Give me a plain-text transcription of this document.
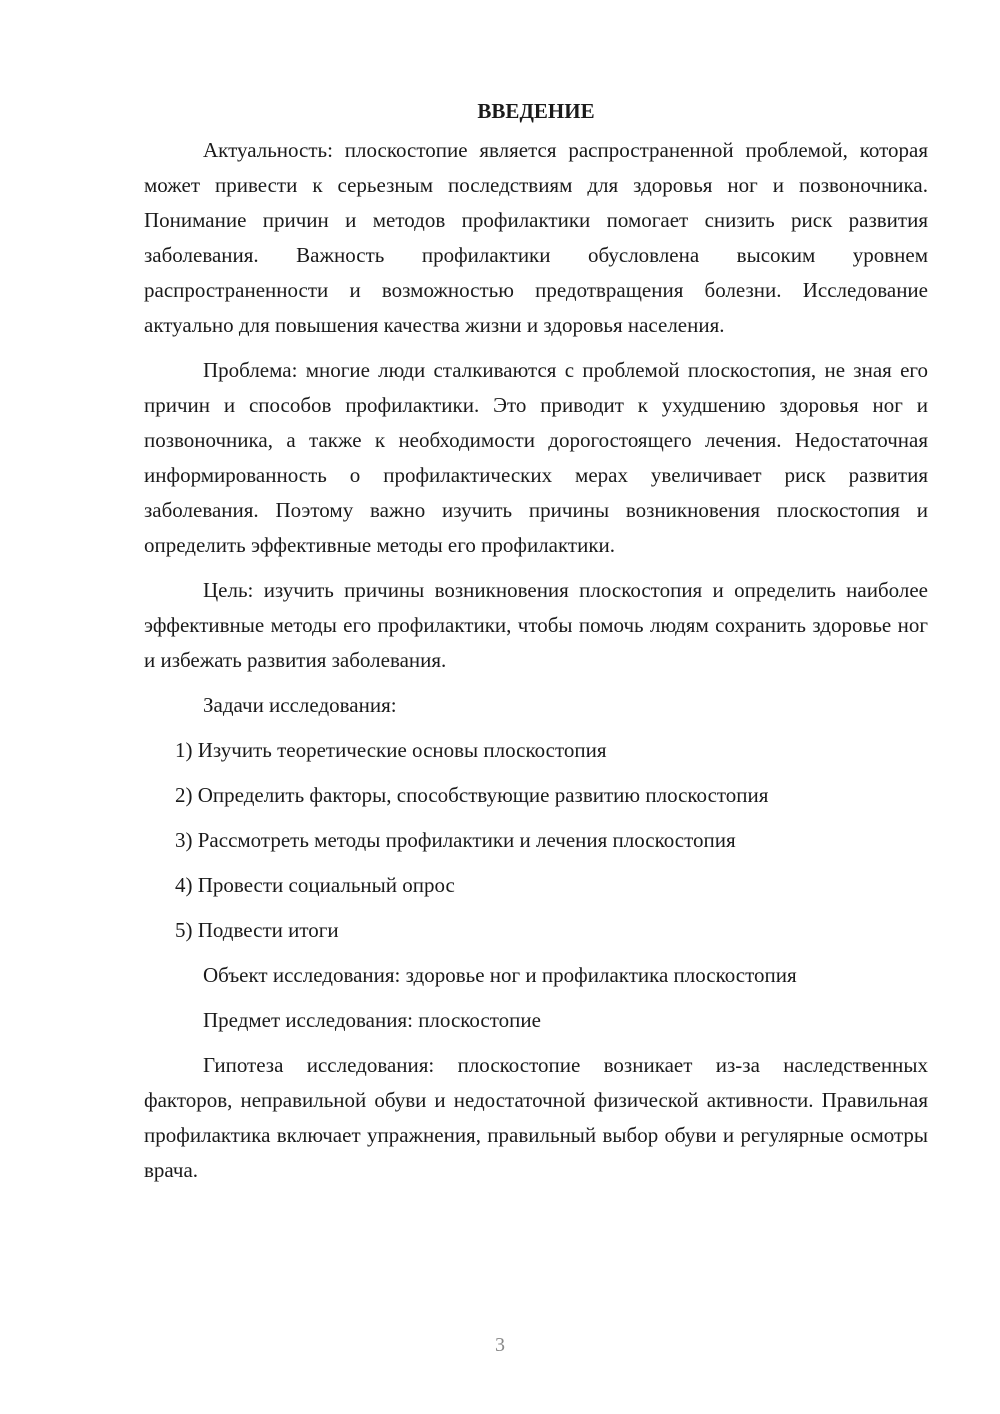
ВВЕДЕНИЕ

Актуальность: плоскостопие является распространенной проблемой, которая может привести к серьезным последствиям для здоровья ног и позвоночника. Понимание причин и методов профилактики помогает снизить риск развития заболевания. Важность профилактики обусловлена высоким уровнем распространенности и возможностью предотвращения болезни. Исследование актуально для повышения качества жизни и здоровья населения.

Проблема: многие люди сталкиваются с проблемой плоскостопия, не зная его причин и способов профилактики. Это приводит к ухудшению здоровья ног и позвоночника, а также к необходимости дорогостоящего лечения. Недостаточная информированность о профилактических мерах увеличивает риск развития заболевания. Поэтому важно изучить причины возникновения плоскостопия и определить эффективные методы его профилактики.

Цель: изучить причины возникновения плоскостопия и определить наиболее эффективные методы его профилактики, чтобы помочь людям сохранить здоровье ног и избежать развития заболевания.

Задачи исследования:

1) Изучить теоретические основы плоскостопия
2) Определить факторы, способствующие развитию плоскостопия
3) Рассмотреть методы профилактики и лечения плоскостопия
4) Провести социальный опрос
5) Подвести итоги

Объект исследования: здоровье ног и профилактика плоскостопия

Предмет исследования: плоскостопие

Гипотеза исследования: плоскостопие возникает из-за наследственных факторов, неправильной обуви и недостаточной физической активности. Правильная профилактика включает упражнения, правильный выбор обуви и регулярные осмотры врача.

3
